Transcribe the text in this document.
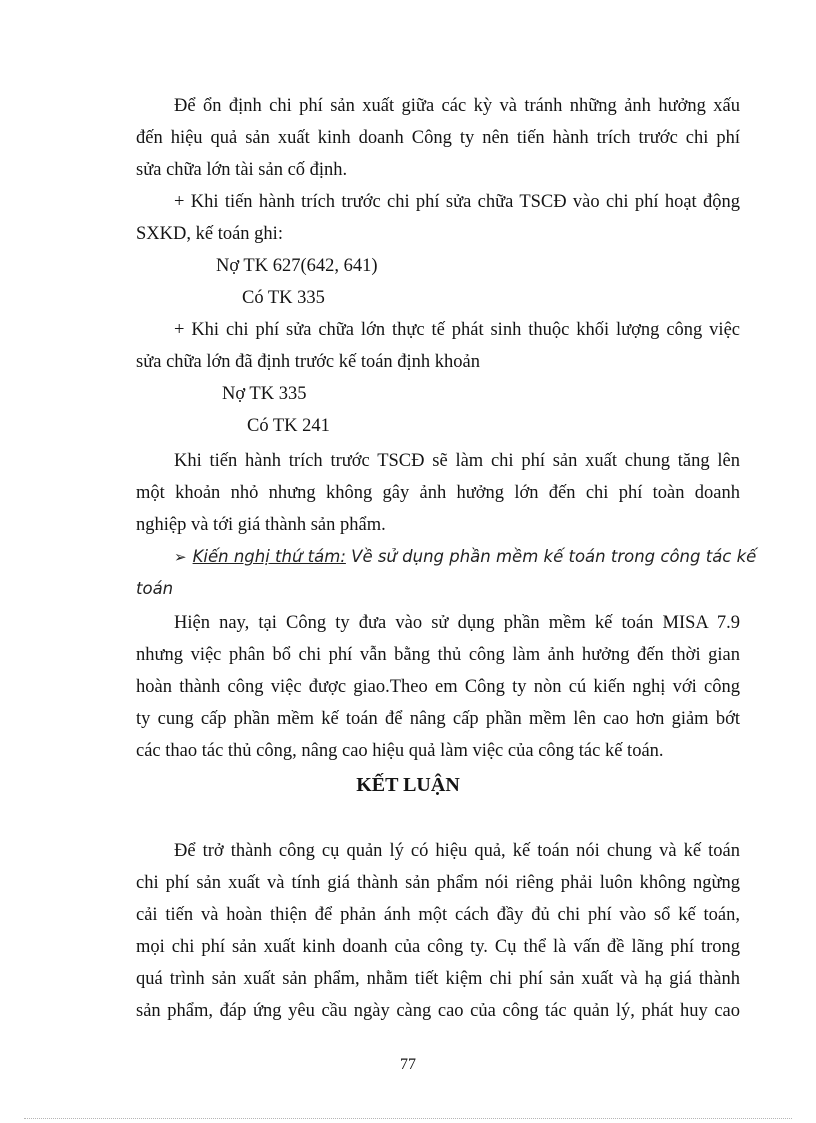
Để ổn định chi phí sản xuất giữa các kỳ và tránh những ảnh hưởng xấu

đến hiệu quả sản xuất kinh doanh Công ty nên tiến hành trích trước chi phí

sửa chữa lớn tài sản cố định.

+ Khi tiến hành trích trước chi phí sửa chữa TSCĐ vào chi phí hoạt động

SXKD, kế toán ghi:

Nợ TK 627(642, 641)

Có TK 335

+ Khi chi phí sửa chữa lớn thực tế phát sinh thuộc khối lượng công việc

sửa chữa lớn đã định trước kế toán định khoản

Nợ TK 335

Có TK 241

Khi tiến hành trích trước TSCĐ sẽ làm chi phí sản xuất chung tăng lên

một khoản nhỏ nhưng không gây ảnh hưởng lớn đến chi phí toàn doanh

nghiệp và tới giá thành sản phẩm.

➢ Kiến nghị thứ tám: Về sử dụng phần mềm kế toán trong công tác kế

toán

Hiện nay, tại Công ty đưa vào sử dụng phần mềm kế toán MISA 7.9

nhưng việc phân bổ chi phí vẫn bằng thủ công làm ảnh hưởng đến thời gian

hoàn thành công việc được giao.Theo em Công ty nòn cú kiến nghị với công

ty cung cấp phần mềm kế toán để nâng cấp phần mềm lên cao hơn giảm bớt

các thao tác thủ công, nâng cao hiệu quả làm việc của công tác kế toán.

KẾT LUẬN

Để trở thành công cụ quản lý có hiệu quả, kế toán nói chung và kế toán

chi phí sản xuất và tính giá thành sản phẩm nói riêng phải luôn không ngừng

cải tiến và hoàn thiện để phản ánh một cách đầy đủ chi phí vào sổ kế toán,

mọi chi phí sản xuất kinh doanh của công ty. Cụ thể là vấn đề lãng phí trong

quá trình sản xuất sản phẩm, nhằm tiết kiệm chi phí sản xuất và hạ giá thành

sản phẩm, đáp ứng yêu cầu ngày càng cao của công tác quản lý, phát huy cao

77
